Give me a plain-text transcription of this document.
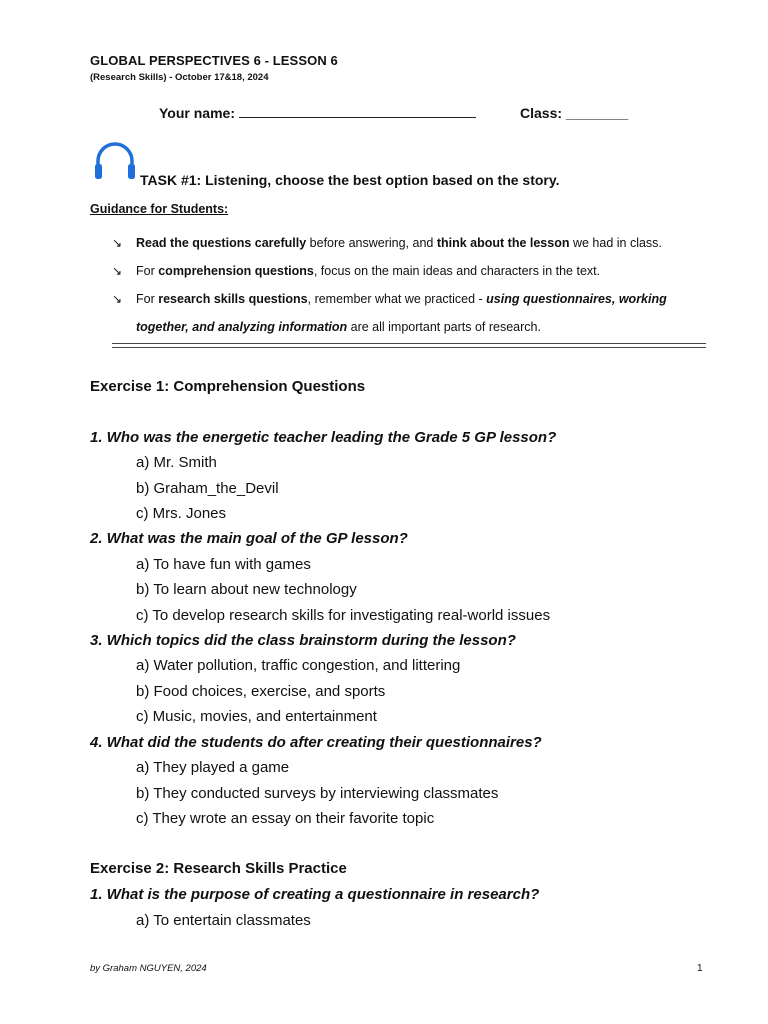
GLOBAL PERSPECTIVES 6 - LESSON 6
(Research Skills) - October 17&18, 2024
Your name:	Class: ________
TASK #1: Listening, choose the best option based on the story.
Guidance for Students:
↘ Read the questions carefully before answering, and think about the lesson we had in class.
↘ For comprehension questions, focus on the main ideas and characters in the text.
↘ For research skills questions, remember what we practiced - using questionnaires, working
together, and analyzing information are all important parts of research.
Exercise 1: Comprehension Questions
1. Who was the energetic teacher leading the Grade 5 GP lesson?
a) Mr. Smith
b) Graham_the_Devil
c) Mrs. Jones
2. What was the main goal of the GP lesson?
a) To have fun with games
b) To learn about new technology
c) To develop research skills for investigating real-world issues
3. Which topics did the class brainstorm during the lesson?
a) Water pollution, traffic congestion, and littering
b) Food choices, exercise, and sports
c) Music, movies, and entertainment
4. What did the students do after creating their questionnaires?
a) They played a game
b) They conducted surveys by interviewing classmates
c) They wrote an essay on their favorite topic
Exercise 2: Research Skills Practice
1. What is the purpose of creating a questionnaire in research?
a) To entertain classmates
by Graham NGUYEN, 2024	1
